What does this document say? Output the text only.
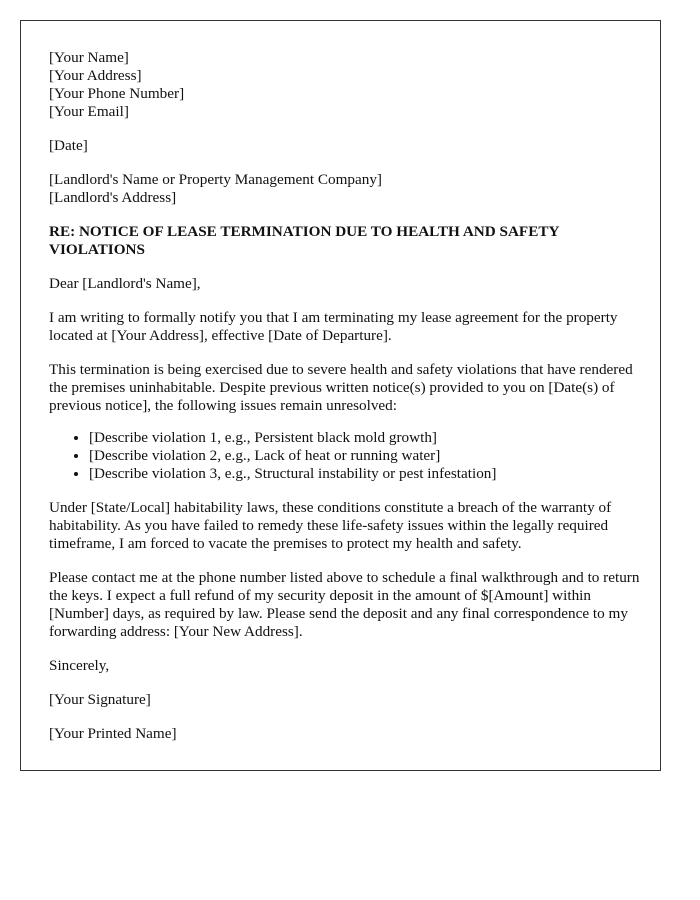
[Your Name]
[Your Address]
[Your Phone Number]
[Your Email]
[Date]
[Landlord's Name or Property Management Company]
[Landlord's Address]
RE: NOTICE OF LEASE TERMINATION DUE TO HEALTH AND SAFETY VIOLATIONS

Dear [Landlord's Name],

I am writing to formally notify you that I am terminating my lease agreement for the property located at [Your Address], effective [Date of Departure].

This termination is being exercised due to severe health and safety violations that have rendered the premises uninhabitable. Despite previous written notice(s) provided to you on [Date(s) of previous notice], the following issues remain unresolved:

• [Describe violation 1, e.g., Persistent black mold growth]
• [Describe violation 2, e.g., Lack of heat or running water]
• [Describe violation 3, e.g., Structural instability or pest infestation]

Under [State/Local] habitability laws, these conditions constitute a breach of the warranty of habitability. As you have failed to remedy these life-safety issues within the legally required timeframe, I am forced to vacate the premises to protect my health and safety.

Please contact me at the phone number listed above to schedule a final walkthrough and to return the keys. I expect a full refund of my security deposit in the amount of $[Amount] within [Number] days, as required by law. Please send the deposit and any final correspondence to my forwarding address: [Your New Address].

Sincerely,

[Your Signature]

[Your Printed Name]
